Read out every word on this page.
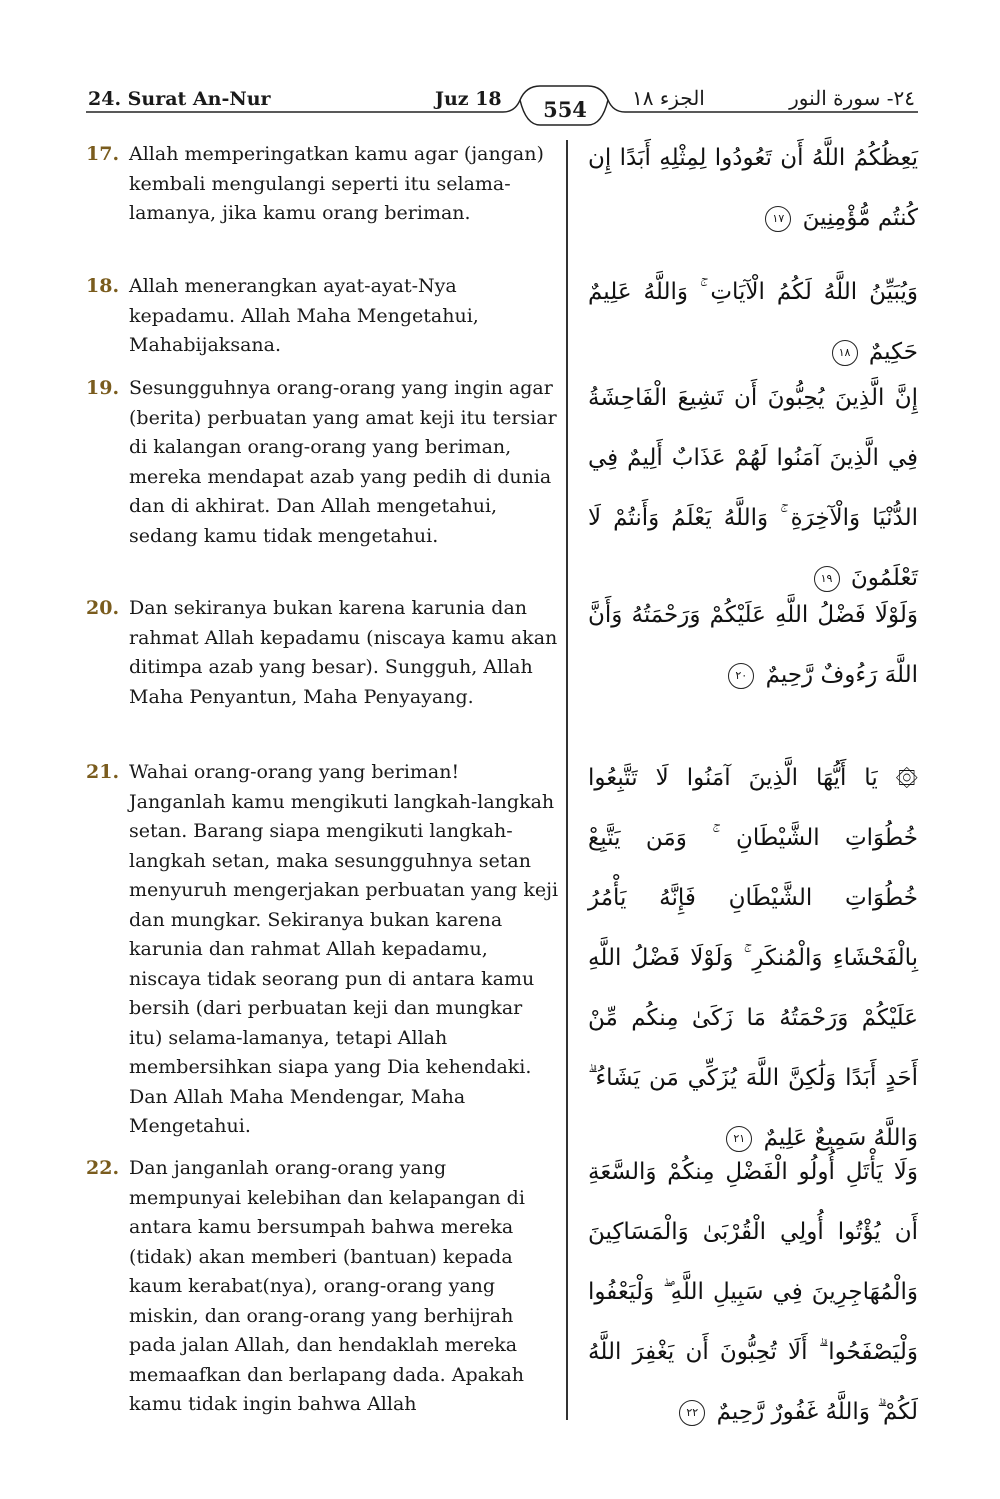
24. Surat An-Nur	Juz 18	554	الجزء ١٨	٢٤- سورة النور
17. Allah memperingatkan kamu agar (jangan) kembali mengulangi seperti itu selama-lamanya, jika kamu orang beriman.
يَعِظُكُمُ اللَّهُ أَن تَعُودُوا لِمِثْلِهِ أَبَدًا إِن كُنتُم مُّؤْمِنِينَ ١٧
18. Allah menerangkan ayat-ayat-Nya kepadamu. Allah Maha Mengetahui, Mahabijaksana.
وَيُبَيِّنُ اللَّهُ لَكُمُ الْآيَاتِ ۚ وَاللَّهُ عَلِيمٌ حَكِيمٌ ١٨
19. Sesungguhnya orang-orang yang ingin agar (berita) perbuatan yang amat keji itu tersiar di kalangan orang-orang yang beriman, mereka mendapat azab yang pedih di dunia dan di akhirat. Dan Allah mengetahui, sedang kamu tidak mengetahui.
إِنَّ الَّذِينَ يُحِبُّونَ أَن تَشِيعَ الْفَاحِشَةُ فِي الَّذِينَ آمَنُوا لَهُمْ عَذَابٌ أَلِيمٌ فِي الدُّنْيَا وَالْآخِرَةِ ۚ وَاللَّهُ يَعْلَمُ وَأَنتُمْ لَا تَعْلَمُونَ ١٩
20. Dan sekiranya bukan karena karunia dan rahmat Allah kepadamu (niscaya kamu akan ditimpa azab yang besar). Sungguh, Allah Maha Penyantun, Maha Penyayang.
وَلَوْلَا فَضْلُ اللَّهِ عَلَيْكُمْ وَرَحْمَتُهُ وَأَنَّ اللَّهَ رَءُوفٌ رَّحِيمٌ ٢٠
21. Wahai orang-orang yang beriman! Janganlah kamu mengikuti langkah-langkah setan. Barang siapa mengikuti langkah-langkah setan, maka sesungguhnya setan menyuruh mengerjakan perbuatan yang keji dan mungkar. Sekiranya bukan karena karunia dan rahmat Allah kepadamu, niscaya tidak seorang pun di antara kamu bersih (dari perbuatan keji dan mungkar itu) selama-lamanya, tetapi Allah membersihkan siapa yang Dia kehendaki. Dan Allah Maha Mendengar, Maha Mengetahui.
۞ يَا أَيُّهَا الَّذِينَ آمَنُوا لَا تَتَّبِعُوا خُطُوَاتِ الشَّيْطَانِ ۚ وَمَن يَتَّبِعْ خُطُوَاتِ الشَّيْطَانِ فَإِنَّهُ يَأْمُرُ بِالْفَحْشَاءِ وَالْمُنكَرِ ۚ وَلَوْلَا فَضْلُ اللَّهِ عَلَيْكُمْ وَرَحْمَتُهُ مَا زَكَىٰ مِنكُم مِّنْ أَحَدٍ أَبَدًا وَلَٰكِنَّ اللَّهَ يُزَكِّي مَن يَشَاءُ ۗ وَاللَّهُ سَمِيعٌ عَلِيمٌ ٢١
22. Dan janganlah orang-orang yang mempunyai kelebihan dan kelapangan di antara kamu bersumpah bahwa mereka (tidak) akan memberi (bantuan) kepada kaum kerabat(nya), orang-orang yang miskin, dan orang-orang yang berhijrah pada jalan Allah, dan hendaklah mereka memaafkan dan berlapang dada. Apakah kamu tidak ingin bahwa Allah
وَلَا يَأْتَلِ أُولُو الْفَضْلِ مِنكُمْ وَالسَّعَةِ أَن يُؤْتُوا أُولِي الْقُرْبَىٰ وَالْمَسَاكِينَ وَالْمُهَاجِرِينَ فِي سَبِيلِ اللَّهِ ۖ وَلْيَعْفُوا وَلْيَصْفَحُوا ۗ أَلَا تُحِبُّونَ أَن يَغْفِرَ اللَّهُ لَكُمْ ۗ وَاللَّهُ غَفُورٌ رَّحِيمٌ ٢٢
